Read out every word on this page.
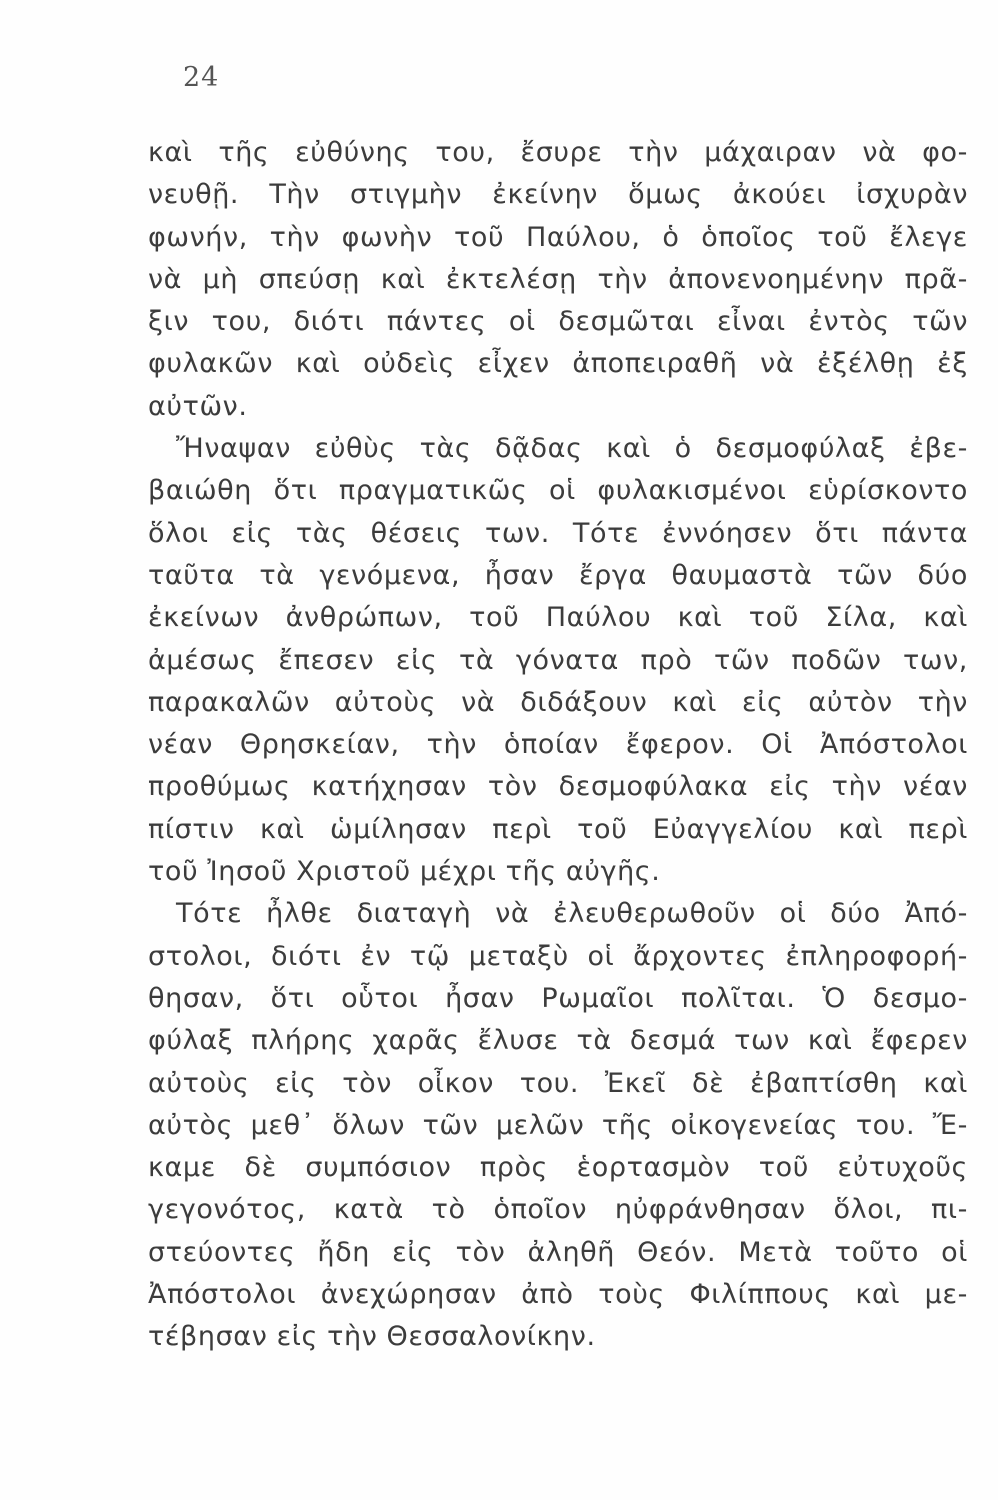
24
καὶ τῆς εὐθύνης του, ἔσυρε τὴν μάχαιραν νὰ φο-
νευθῇ. Τὴν στιγμὴν ἐκείνην ὅμως ἀκούει ἰσχυρὰν
φωνήν, τὴν φωνὴν τοῦ Παύλου, ὁ ὁποῖος τοῦ ἔλεγε
νὰ μὴ σπεύσῃ καὶ ἐκτελέσῃ τὴν ἀπονενοημένην πρᾶ-
ξιν του, διότι πάντες οἱ δεσμῶται εἶναι ἐντὸς τῶν
φυλακῶν καὶ οὐδεὶς εἶχεν ἀποπειραθῆ νὰ ἐξέλθῃ ἐξ
αὐτῶν.
Ἤναψαν εὐθὺς τὰς δᾷδας καὶ ὁ δεσμοφύλαξ ἐβε-
βαιώθη ὅτι πραγματικῶς οἱ φυλακισμένοι εὑρίσκοντο
ὅλοι εἰς τὰς θέσεις των. Τότε ἐννόησεν ὅτι πάντα
ταῦτα τὰ γενόμενα, ἦσαν ἔργα θαυμαστὰ τῶν δύο
ἐκείνων ἀνθρώπων, τοῦ Παύλου καὶ τοῦ Σίλα, καὶ
ἀμέσως ἔπεσεν εἰς τὰ γόνατα πρὸ τῶν ποδῶν των,
παρακαλῶν αὐτοὺς νὰ διδάξουν καὶ εἰς αὐτὸν τὴν
νέαν Θρησκείαν, τὴν ὁποίαν ἔφερον. Οἱ Ἀπόστολοι
προθύμως κατήχησαν τὸν δεσμοφύλακα εἰς τὴν νέαν
πίστιν καὶ ὡμίλησαν περὶ τοῦ Εὐαγγελίου καὶ περὶ
τοῦ Ἰησοῦ Χριστοῦ μέχρι τῆς αὐγῆς.
Τότε ἦλθε διαταγὴ νὰ ἐλευθερωθοῦν οἱ δύο Ἀπό-
στολοι, διότι ἐν τῷ μεταξὺ οἱ ἄρχοντες ἐπληροφορή-
θησαν, ὅτι οὗτοι ἦσαν Ρωμαῖοι πολῖται. Ὁ δεσμο-
φύλαξ πλήρης χαρᾶς ἔλυσε τὰ δεσμά των καὶ ἔφερεν
αὐτοὺς εἰς τὸν οἶκον του. Ἐκεῖ δὲ ἐβαπτίσθη καὶ
αὐτὸς μεθ᾿ ὅλων τῶν μελῶν τῆς οἰκογενείας του. Ἔ-
καμε δὲ συμπόσιον πρὸς ἑορτασμὸν τοῦ εὐτυχοῦς
γεγονότος, κατὰ τὸ ὁποῖον ηὐφράνθησαν ὅλοι, πι-
στεύοντες ἤδη εἰς τὸν ἀληθῆ Θεόν. Μετὰ τοῦτο οἱ
Ἀπόστολοι ἀνεχώρησαν ἀπὸ τοὺς Φιλίππους καὶ με-
τέβησαν εἰς τὴν Θεσσαλονίκην.
